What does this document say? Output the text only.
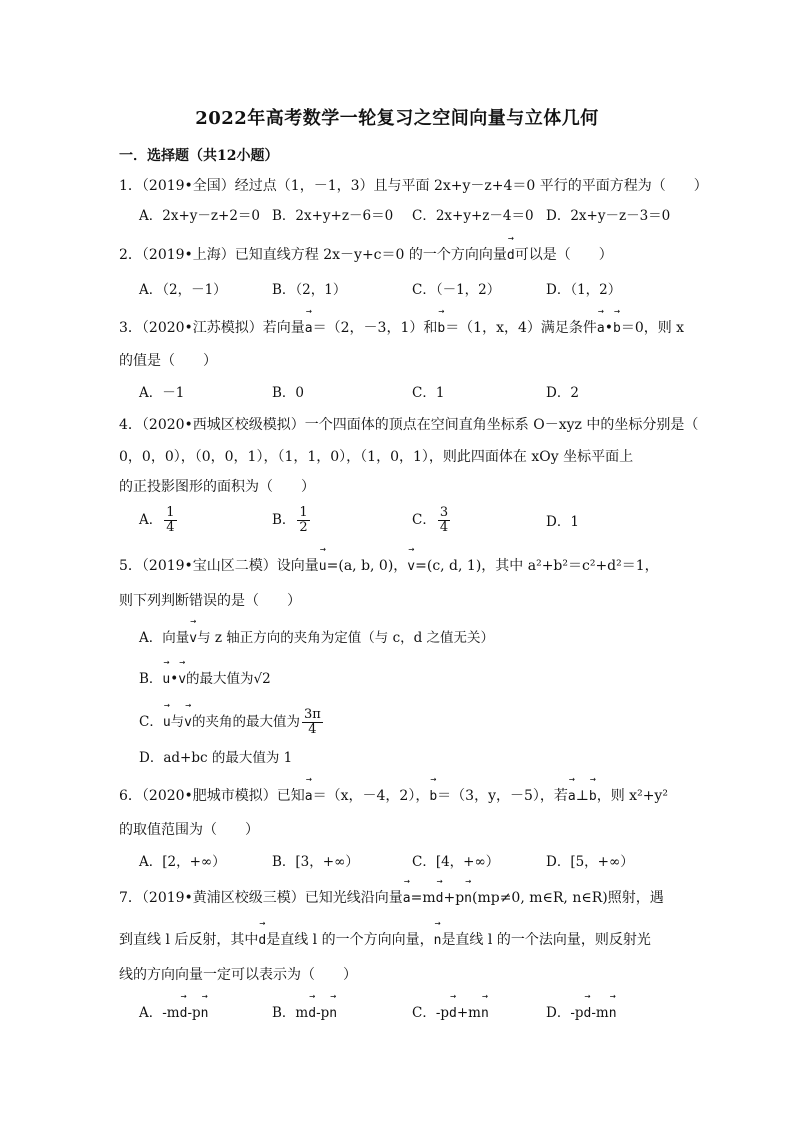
2022年高考数学一轮复习之空间向量与立体几何
一．选择题（共12小题）
1．（2019•全国）经过点（1，－1，3）且与平面 2x+y－z+4＝0 平行的平面方程为（　　）
A．2x+y－z+2＝0 B．2x+y+z－6＝0 C．2x+y+z－4＝0 D．2x+y－z－3＝0
2．（2019•上海）已知直线方程 2x－y+c＝0 的一个方向向量→ d可以是（　　）
A．（2，－1）	B．（2，1）	C．（－1，2）	D．（1，2）
3．（2020•江苏模拟）若向量→ a＝（2，－3，1）和→ b＝（1，x，4）满足条件→ a•→ b＝0，则 x
的值是（　　）
A．－1	B．0	C．1	D．2
4．（2020•西城区校级模拟）一个四面体的顶点在空间直角坐标系 O－xyz 中的坐标分别是（
0，0，0），（0，0，1），（1，1，0），（1，0，1），则此四面体在 xOy 坐标平面上
的正投影图形的面积为（　　）
A． $\frac{1}{4}$	B． $\frac{1}{2}$	C． $\frac{3}{4}$	D．1
5．（2019•宝山区二模）设向量→ u=(a, b, 0)，→ v=(c, d, 1)，其中 a²+b²＝c²+d²＝1，
则下列判断错误的是（　　）
A．向量→ v与 z 轴正方向的夹角为定值（与 c，d 之值无关）
B．→ u•→ v的最大值为√2
C．→ u与→ v的夹角的最大值为 $\frac{3\pi}{4}$
D．ad+bc 的最大值为 1
6．（2020•肥城市模拟）已知→ a＝（x，－4，2），→ b＝（3，y，－5），若→ a⊥→ b，则 x²+y²
的取值范围为（　　）
A．[2，+∞）	B．[3，+∞）	C．[4，+∞）	D．[5，+∞）
7．（2019•黄浦区校级三模）已知光线沿向量→ a=m→ d+p→ n(mp≠0, m∈R, n∈R)照射，遇
到直线 l 后反射，其中→ d是直线 l 的一个方向向量，→ n是直线 l 的一个法向量，则反射光
线的方向向量一定可以表示为（　　）
A．-m→ d-p→ n	B．m→ d-p→ n	C．-p→ d+m→ n	D．-p→ d-m→ n
